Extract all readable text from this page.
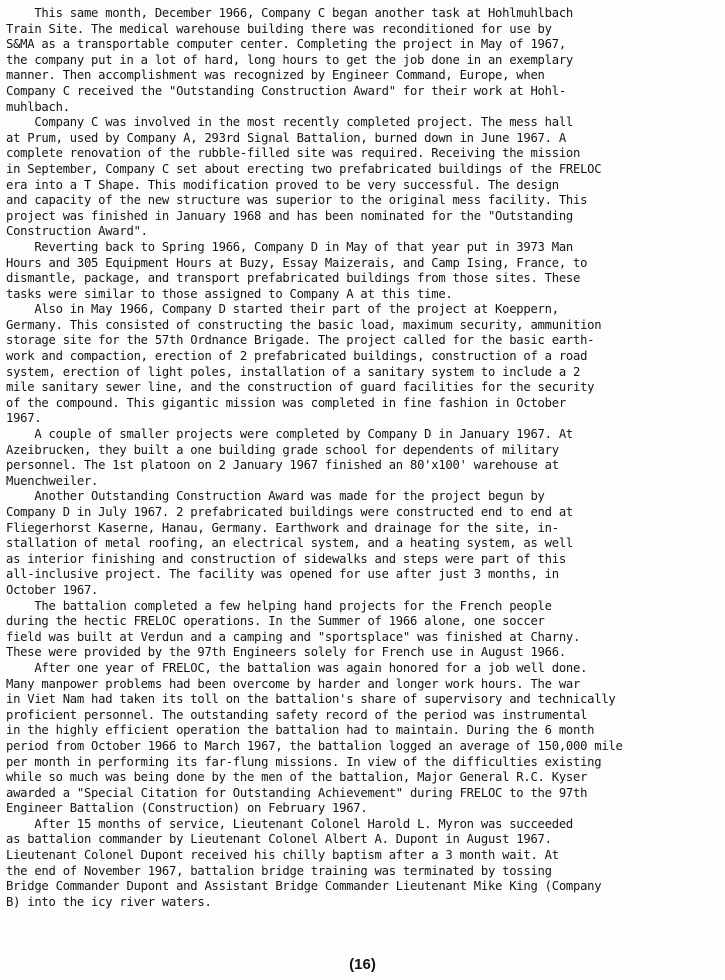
This same month, December 1966, Company C began another task at Hohlmuhlbach
Train Site. The medical warehouse building there was reconditioned for use by
S&MA as a transportable computer center. Completing the project in May of 1967,
the company put in a lot of hard, long hours to get the job done in an exemplary
manner. Then accomplishment was recognized by Engineer Command, Europe, when
Company C received the "Outstanding Construction Award" for their work at Hohl-
muhlbach.
Company C was involved in the most recently completed project. The mess hall
at Prum, used by Company A, 293rd Signal Battalion, burned down in June 1967. A
complete renovation of the rubble-filled site was required. Receiving the mission
in September, Company C set about erecting two prefabricated buildings of the FRELOC
era into a T Shape. This modification proved to be very successful. The design
and capacity of the new structure was superior to the original mess facility. This
project was finished in January 1968 and has been nominated for the "Outstanding
Construction Award".
Reverting back to Spring 1966, Company D in May of that year put in 3973 Man
Hours and 305 Equipment Hours at Buzy, Essay Maizerais, and Camp Ising, France, to
dismantle, package, and transport prefabricated buildings from those sites. These
tasks were similar to those assigned to Company A at this time.
Also in May 1966, Company D started their part of the project at Koeppern,
Germany. This consisted of constructing the basic load, maximum security, ammunition
storage site for the 57th Ordnance Brigade. The project called for the basic earth-
work and compaction, erection of 2 prefabricated buildings, construction of a road
system, erection of light poles, installation of a sanitary system to include a 2
mile sanitary sewer line, and the construction of guard facilities for the security
of the compound. This gigantic mission was completed in fine fashion in October
1967.
A couple of smaller projects were completed by Company D in January 1967. At
Azeibrucken, they built a one building grade school for dependents of military
personnel. The 1st platoon on 2 January 1967 finished an 80'x100' warehouse at
Muenchweiler.
Another Outstanding Construction Award was made for the project begun by
Company D in July 1967. 2 prefabricated buildings were constructed end to end at
Fliegerhorst Kaserne, Hanau, Germany. Earthwork and drainage for the site, in-
stallation of metal roofing, an electrical system, and a heating system, as well
as interior finishing and construction of sidewalks and steps were part of this
all-inclusive project. The facility was opened for use after just 3 months, in
October 1967.
The battalion completed a few helping hand projects for the French people
during the hectic FRELOC operations. In the Summer of 1966 alone, one soccer
field was built at Verdun and a camping and "sportsplace" was finished at Charny.
These were provided by the 97th Engineers solely for French use in August 1966.
After one year of FRELOC, the battalion was again honored for a job well done.
Many manpower problems had been overcome by harder and longer work hours. The war
in Viet Nam had taken its toll on the battalion's share of supervisory and technically
proficient personnel. The outstanding safety record of the period was instrumental
in the highly efficient operation the battalion had to maintain. During the 6 month
period from October 1966 to March 1967, the battalion logged an average of 150,000 mile
per month in performing its far-flung missions. In view of the difficulties existing
while so much was being done by the men of the battalion, Major General R.C. Kyser
awarded a "Special Citation for Outstanding Achievement" during FRELOC to the 97th
Engineer Battalion (Construction) on February 1967.
After 15 months of service, Lieutenant Colonel Harold L. Myron was succeeded
as battalion commander by Lieutenant Colonel Albert A. Dupont in August 1967.
Lieutenant Colonel Dupont received his chilly baptism after a 3 month wait. At
the end of November 1967, battalion bridge training was terminated by tossing
Bridge Commander Dupont and Assistant Bridge Commander Lieutenant Mike King (Company
B) into the icy river waters.
(16)
